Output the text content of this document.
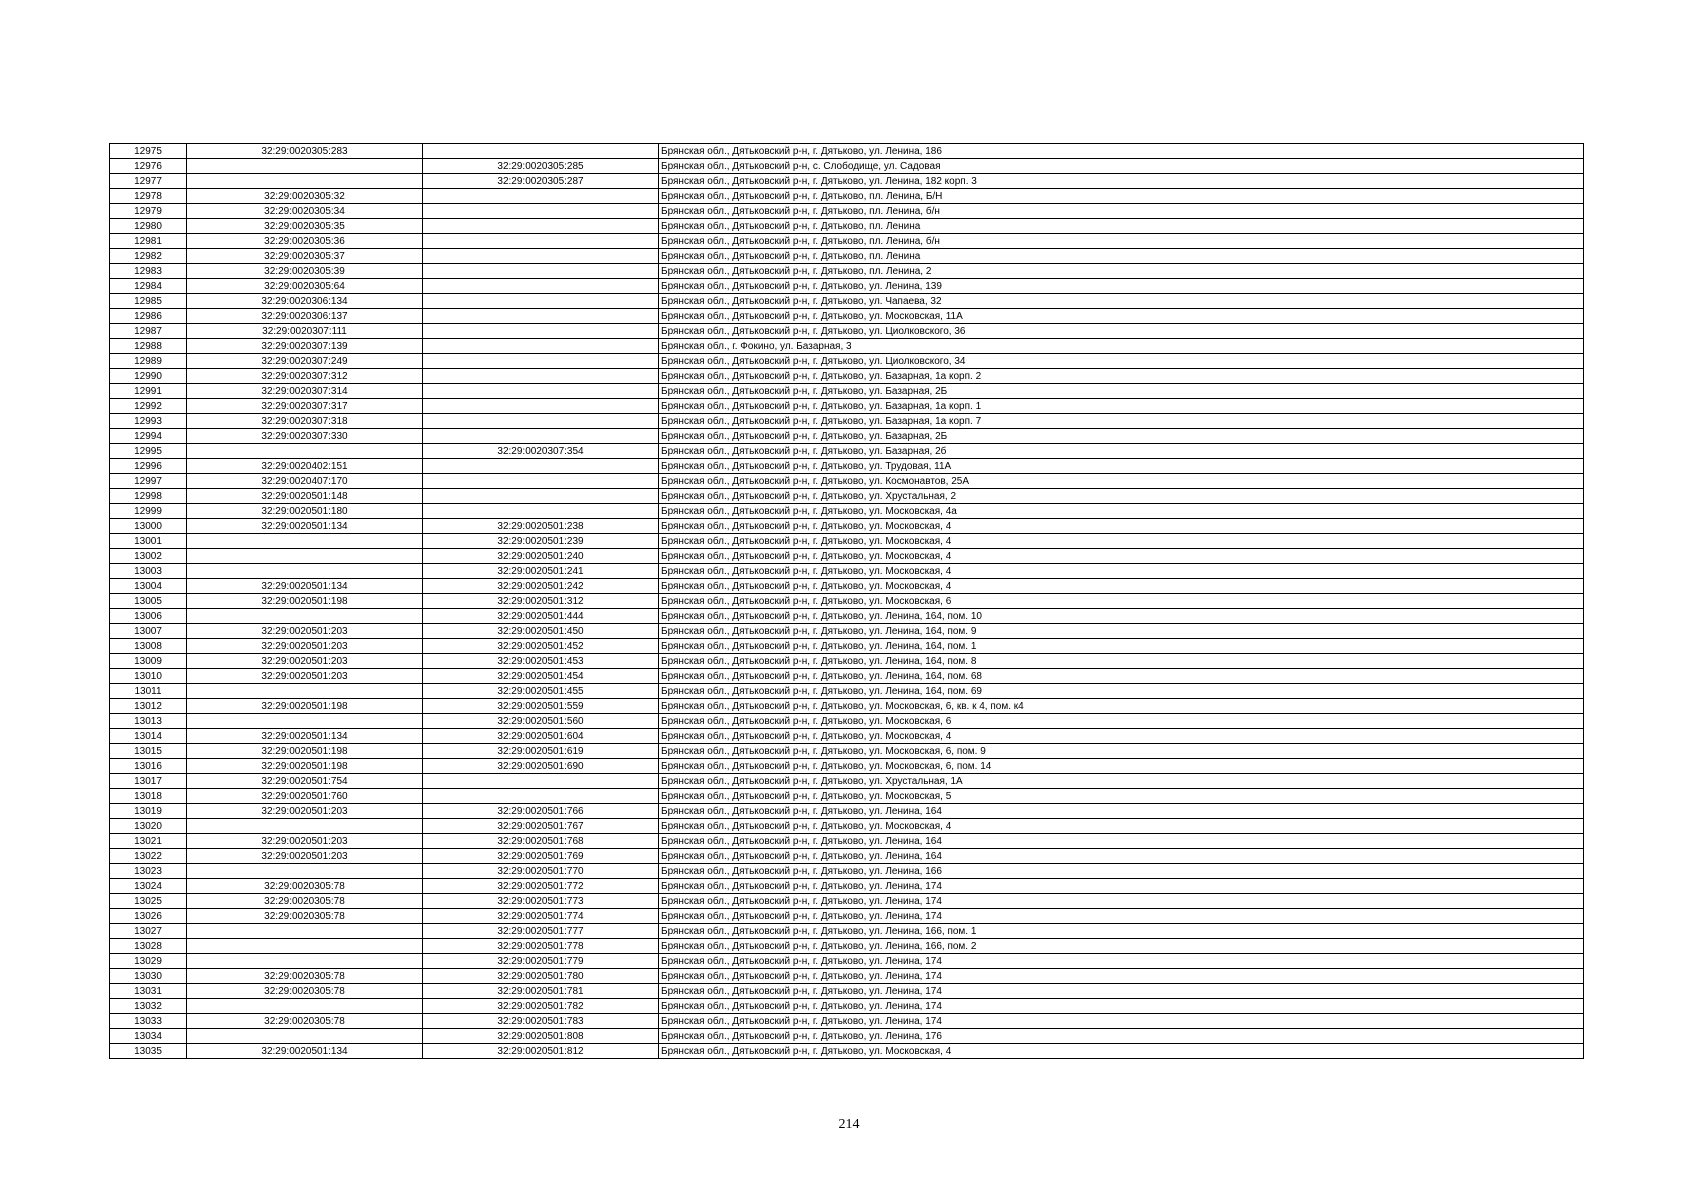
12975	32:29:0020305:283		Брянская обл., Дятьковский р-н, г. Дятьково, ул. Ленина, 186
12976		32:29:0020305:285	Брянская обл., Дятьковский р-н, с. Слободище, ул. Садовая
12977		32:29:0020305:287	Брянская обл., Дятьковский р-н, г. Дятьково, ул. Ленина, 182 корп. 3
12978	32:29:0020305:32		Брянская обл., Дятьковский р-н, г. Дятьково, пл. Ленина, Б/Н
12979	32:29:0020305:34		Брянская обл., Дятьковский р-н, г. Дятьково, пл. Ленина, б/н
12980	32:29:0020305:35		Брянская обл., Дятьковский р-н, г. Дятьково, пл. Ленина
12981	32:29:0020305:36		Брянская обл., Дятьковский р-н, г. Дятьково, пл. Ленина, б/н
12982	32:29:0020305:37		Брянская обл., Дятьковский р-н, г. Дятьково, пл. Ленина
12983	32:29:0020305:39		Брянская обл., Дятьковский р-н, г. Дятьково, пл. Ленина, 2
12984	32:29:0020305:64		Брянская обл., Дятьковский р-н, г. Дятьково, ул. Ленина, 139
12985	32:29:0020306:134		Брянская обл., Дятьковский р-н, г. Дятьково, ул. Чапаева, 32
12986	32:29:0020306:137		Брянская обл., Дятьковский р-н, г. Дятьково, ул. Московская, 11А
12987	32:29:0020307:111		Брянская обл., Дятьковский р-н, г. Дятьково, ул. Циолковского, 36
12988	32:29:0020307:139		Брянская обл., г. Фокино, ул. Базарная, 3
12989	32:29:0020307:249		Брянская обл., Дятьковский р-н, г. Дятьково, ул. Циолковского, 34
12990	32:29:0020307:312		Брянская обл., Дятьковский р-н, г. Дятьково, ул. Базарная, 1а корп. 2
12991	32:29:0020307:314		Брянская обл., Дятьковский р-н, г. Дятьково, ул. Базарная, 2Б
12992	32:29:0020307:317		Брянская обл., Дятьковский р-н, г. Дятьково, ул. Базарная, 1а корп. 1
12993	32:29:0020307:318		Брянская обл., Дятьковский р-н, г. Дятьково, ул. Базарная, 1а корп. 7
12994	32:29:0020307:330		Брянская обл., Дятьковский р-н, г. Дятьково, ул. Базарная, 2Б
12995		32:29:0020307:354	Брянская обл., Дятьковский р-н, г. Дятьково, ул. Базарная, 2б
12996	32:29:0020402:151		Брянская обл., Дятьковский р-н, г. Дятьково, ул. Трудовая, 11А
12997	32:29:0020407:170		Брянская обл., Дятьковский р-н, г. Дятьково, ул. Космонавтов, 25А
12998	32:29:0020501:148		Брянская обл., Дятьковский р-н, г. Дятьково, ул. Хрустальная, 2
12999	32:29:0020501:180		Брянская обл., Дятьковский р-н, г. Дятьково, ул. Московская, 4а
13000	32:29:0020501:134	32:29:0020501:238	Брянская обл., Дятьковский р-н, г. Дятьково, ул. Московская, 4
13001		32:29:0020501:239	Брянская обл., Дятьковский р-н, г. Дятьково, ул. Московская, 4
13002		32:29:0020501:240	Брянская обл., Дятьковский р-н, г. Дятьково, ул. Московская, 4
13003		32:29:0020501:241	Брянская обл., Дятьковский р-н, г. Дятьково, ул. Московская, 4
13004	32:29:0020501:134	32:29:0020501:242	Брянская обл., Дятьковский р-н, г. Дятьково, ул. Московская, 4
13005	32:29:0020501:198	32:29:0020501:312	Брянская обл., Дятьковский р-н, г. Дятьково, ул. Московская, 6
13006		32:29:0020501:444	Брянская обл., Дятьковский р-н, г. Дятьково, ул. Ленина, 164, пом. 10
13007	32:29:0020501:203	32:29:0020501:450	Брянская обл., Дятьковский р-н, г. Дятьково, ул. Ленина, 164, пом. 9
13008	32:29:0020501:203	32:29:0020501:452	Брянская обл., Дятьковский р-н, г. Дятьково, ул. Ленина, 164, пом. 1
13009	32:29:0020501:203	32:29:0020501:453	Брянская обл., Дятьковский р-н, г. Дятьково, ул. Ленина, 164, пом. 8
13010	32:29:0020501:203	32:29:0020501:454	Брянская обл., Дятьковский р-н, г. Дятьково, ул. Ленина, 164, пом. 68
13011		32:29:0020501:455	Брянская обл., Дятьковский р-н, г. Дятьково, ул. Ленина, 164, пом. 69
13012	32:29:0020501:198	32:29:0020501:559	Брянская обл., Дятьковский р-н, г. Дятьково, ул. Московская, 6, кв. к 4, пом. к4
13013		32:29:0020501:560	Брянская обл., Дятьковский р-н, г. Дятьково, ул. Московская, 6
13014	32:29:0020501:134	32:29:0020501:604	Брянская обл., Дятьковский р-н, г. Дятьково, ул. Московская, 4
13015	32:29:0020501:198	32:29:0020501:619	Брянская обл., Дятьковский р-н, г. Дятьково, ул. Московская, 6, пом. 9
13016	32:29:0020501:198	32:29:0020501:690	Брянская обл., Дятьковский р-н, г. Дятьково, ул. Московская, 6, пом. 14
13017	32:29:0020501:754		Брянская обл., Дятьковский р-н, г. Дятьково, ул. Хрустальная, 1А
13018	32:29:0020501:760		Брянская обл., Дятьковский р-н, г. Дятьково, ул. Московская, 5
13019	32:29:0020501:203	32:29:0020501:766	Брянская обл., Дятьковский р-н, г. Дятьково, ул. Ленина, 164
13020		32:29:0020501:767	Брянская обл., Дятьковский р-н, г. Дятьково, ул. Московская, 4
13021	32:29:0020501:203	32:29:0020501:768	Брянская обл., Дятьковский р-н, г. Дятьково, ул. Ленина, 164
13022	32:29:0020501:203	32:29:0020501:769	Брянская обл., Дятьковский р-н, г. Дятьково, ул. Ленина, 164
13023		32:29:0020501:770	Брянская обл., Дятьковский р-н, г. Дятьково, ул. Ленина, 166
13024	32:29:0020305:78	32:29:0020501:772	Брянская обл., Дятьковский р-н, г. Дятьково, ул. Ленина, 174
13025	32:29:0020305:78	32:29:0020501:773	Брянская обл., Дятьковский р-н, г. Дятьково, ул. Ленина, 174
13026	32:29:0020305:78	32:29:0020501:774	Брянская обл., Дятьковский р-н, г. Дятьково, ул. Ленина, 174
13027		32:29:0020501:777	Брянская обл., Дятьковский р-н, г. Дятьково, ул. Ленина, 166, пом. 1
13028		32:29:0020501:778	Брянская обл., Дятьковский р-н, г. Дятьково, ул. Ленина, 166, пом. 2
13029		32:29:0020501:779	Брянская обл., Дятьковский р-н, г. Дятьково, ул. Ленина, 174
13030	32:29:0020305:78	32:29:0020501:780	Брянская обл., Дятьковский р-н, г. Дятьково, ул. Ленина, 174
13031	32:29:0020305:78	32:29:0020501:781	Брянская обл., Дятьковский р-н, г. Дятьково, ул. Ленина, 174
13032		32:29:0020501:782	Брянская обл., Дятьковский р-н, г. Дятьково, ул. Ленина, 174
13033	32:29:0020305:78	32:29:0020501:783	Брянская обл., Дятьковский р-н, г. Дятьково, ул. Ленина, 174
13034		32:29:0020501:808	Брянская обл., Дятьковский р-н, г. Дятьково, ул. Ленина, 176
13035	32:29:0020501:134	32:29:0020501:812	Брянская обл., Дятьковский р-н, г. Дятьково, ул. Московская, 4
214
